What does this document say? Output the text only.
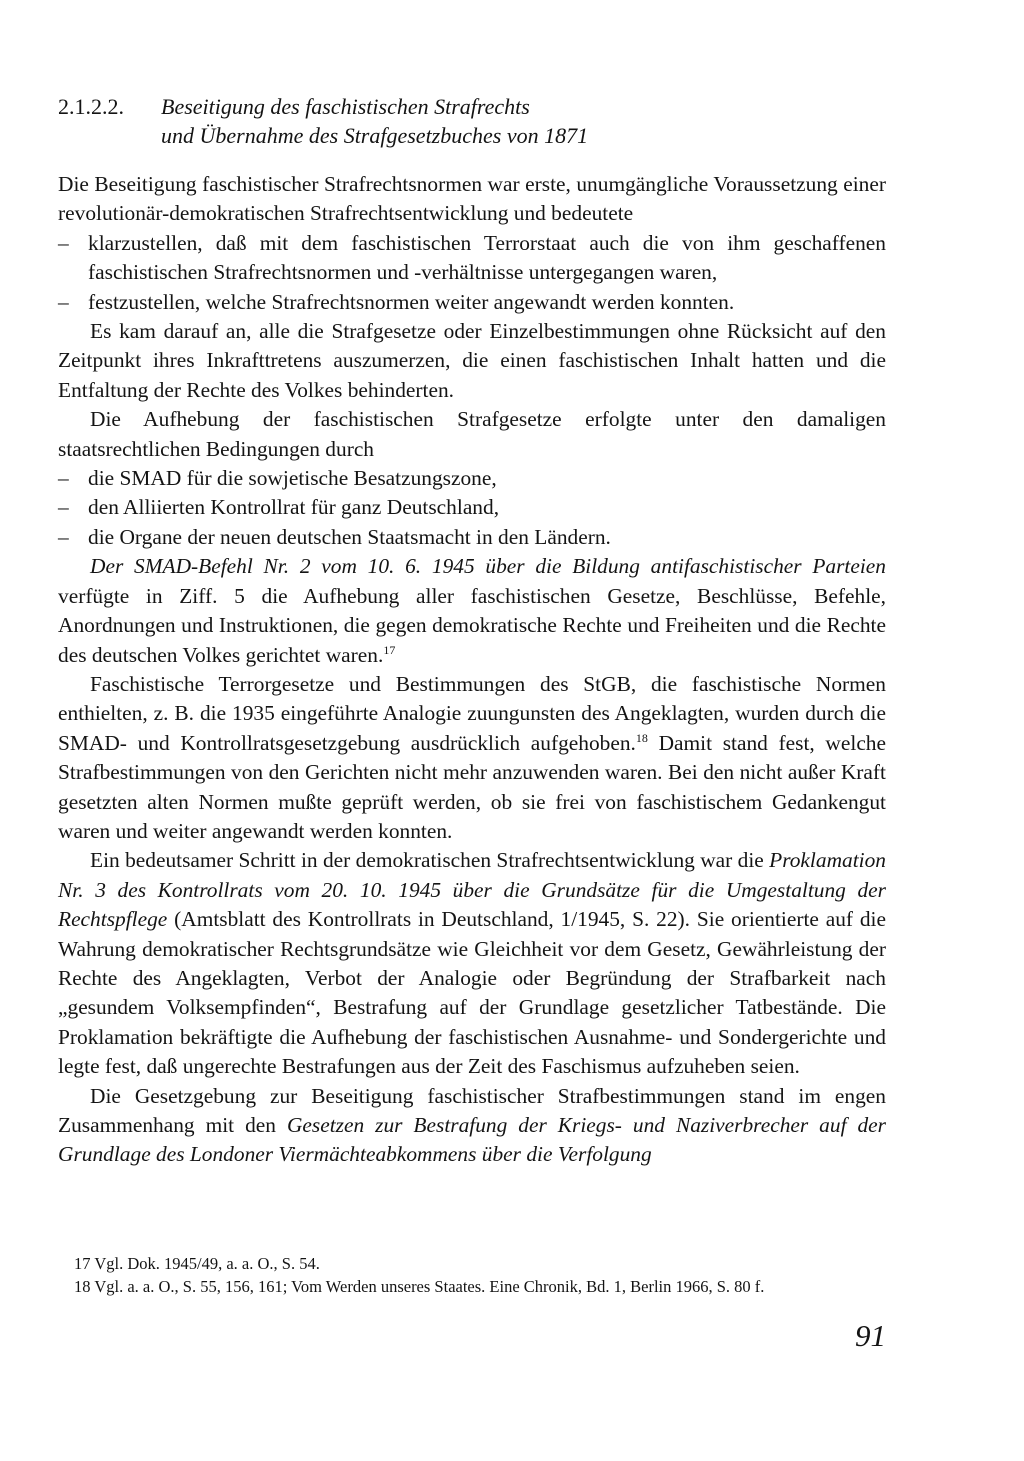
2.1.2.2. Beseitigung des faschistischen Strafrechts
und Übernahme des Strafgesetzbuches von 1871

Die Beseitigung faschistischer Strafrechtsnormen war erste, unumgängliche Voraussetzung einer revolutionär-demokratischen Strafrechtsentwicklung und bedeutete

– klarzustellen, daß mit dem faschistischen Terrorstaat auch die von ihm geschaffenen faschistischen Strafrechtsnormen und -verhältnisse untergegangen waren,
– festzustellen, welche Strafrechtsnormen weiter angewandt werden konnten.

Es kam darauf an, alle die Strafgesetze oder Einzelbestimmungen ohne Rücksicht auf den Zeitpunkt ihres Inkrafttretens auszumerzen, die einen faschistischen Inhalt hatten und die Entfaltung der Rechte des Volkes behinderten.

Die Aufhebung der faschistischen Strafgesetze erfolgte unter den damaligen staatsrechtlichen Bedingungen durch

– die SMAD für die sowjetische Besatzungszone,
– den Alliierten Kontrollrat für ganz Deutschland,
– die Organe der neuen deutschen Staatsmacht in den Ländern.

Der SMAD-Befehl Nr. 2 vom 10. 6. 1945 über die Bildung antifaschistischer Parteien verfügte in Ziff. 5 die Aufhebung aller faschistischen Gesetze, Beschlüsse, Befehle, Anordnungen und Instruktionen, die gegen demokratische Rechte und Freiheiten und die Rechte des deutschen Volkes gerichtet waren.$^{17}$

Faschistische Terrorgesetze und Bestimmungen des StGB, die faschistische Normen enthielten, z. B. die 1935 eingeführte Analogie zuungunsten des Angeklagten, wurden durch die SMAD- und Kontrollratsgesetzgebung ausdrücklich aufgehoben.$^{18}$ Damit stand fest, welche Strafbestimmungen von den Gerichten nicht mehr anzuwenden waren. Bei den nicht außer Kraft gesetzten alten Normen mußte geprüft werden, ob sie frei von faschistischem Gedankengut waren und weiter angewandt werden konnten.

Ein bedeutsamer Schritt in der demokratischen Strafrechtsentwicklung war die Proklamation Nr. 3 des Kontrollrats vom 20. 10. 1945 über die Grundsätze für die Umgestaltung der Rechtspflege (Amtsblatt des Kontrollrats in Deutschland, 1/1945, S. 22). Sie orientierte auf die Wahrung demokratischer Rechtsgrundsätze wie Gleichheit vor dem Gesetz, Gewährleistung der Rechte des Angeklagten, Verbot der Analogie oder Begründung der Strafbarkeit nach „gesundem Volksempfinden“, Bestrafung auf der Grundlage gesetzlicher Tatbestände. Die Proklamation bekräftigte die Aufhebung der faschistischen Ausnahme- und Sondergerichte und legte fest, daß ungerechte Bestrafungen aus der Zeit des Faschismus aufzuheben seien.

Die Gesetzgebung zur Beseitigung faschistischer Strafbestimmungen stand im engen Zusammenhang mit den Gesetzen zur Bestrafung der Kriegs- und Naziverbrecher auf der Grundlage des Londoner Viermächteabkommens über die Verfolgung

17 Vgl. Dok. 1945/49, a. a. O., S. 54.
18 Vgl. a. a. O., S. 55, 156, 161; Vom Werden unseres Staates. Eine Chronik, Bd. 1, Berlin 1966, S. 80 f.
91
